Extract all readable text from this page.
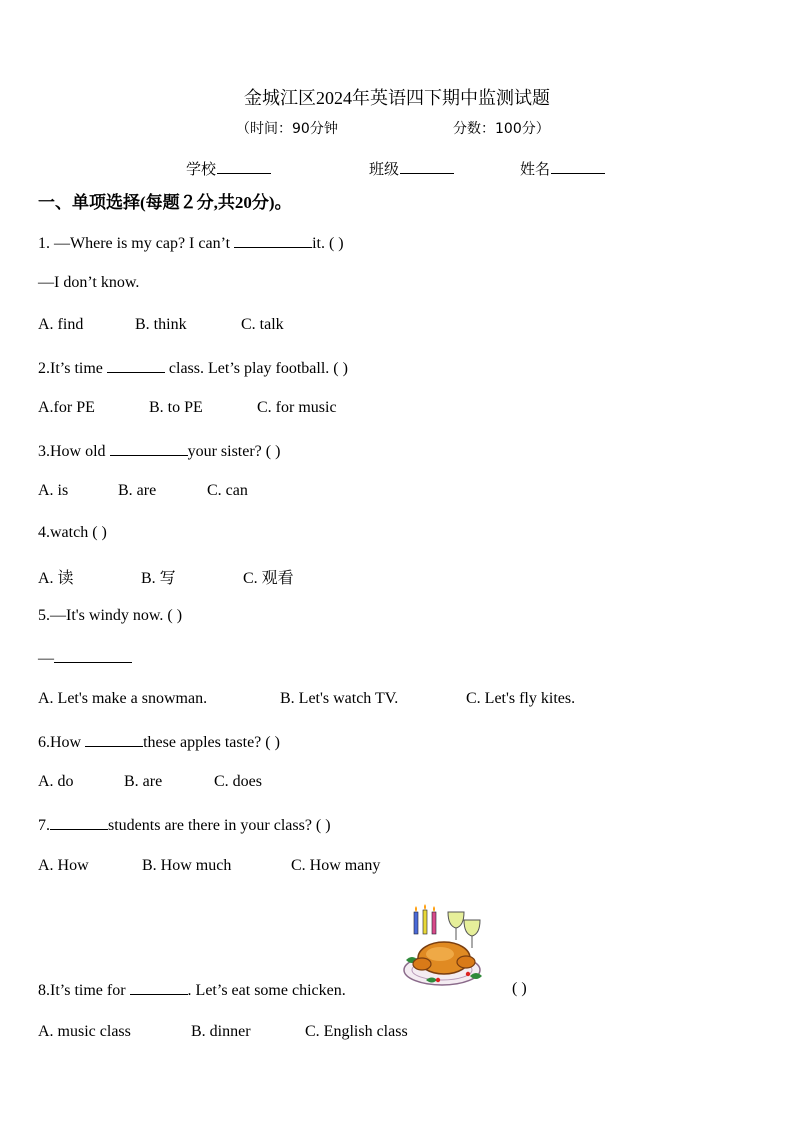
金城江区2024年英语四下期中监测试题
（时间：90分钟	分数：100分）
学校	班级	姓名
一、单项选择(每题２分,共20分)。
1. —Where is my cap? I can’t	it. ( )
—I don’t know.
A. find	B. think	C. talk
2.It’s time	class. Let’s play football. ( )
A.for PE	B. to PE	C. for music
3.How old	your sister? ( )
A. is	B. are	C. can
4.watch ( )
A. 读	B. 写	C. 观看
5.—It's windy now. ( )
—
A. Let's make a snowman.	B. Let's watch TV.	C. Let's fly kites.
6.How	these apples taste? ( )
A. do	B. are	C. does
7.	students are there in your class? ( )
A. How	B. How much	C. How many
8.It’s time for	. Let’s eat some chicken.	( )
A. music class	B. dinner	C. English class
